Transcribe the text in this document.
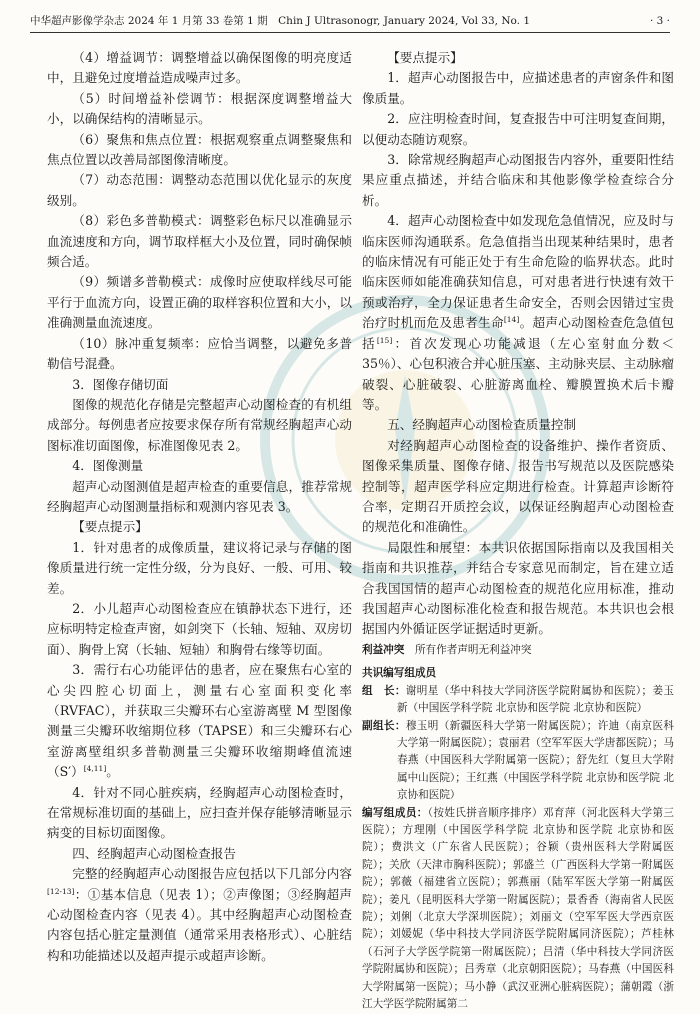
中华超声影像学杂志 2024 年 1 月第 33 卷第 1 期　Chin J Ultrasonogr, January 2024, Vol 33, No. 1	· 3 ·

（4）增益调节：调整增益以确保图像的明亮度适中，且避免过度增益造成噪声过多。

（5）时间增益补偿调节：根据深度调整增益大小，以确保结构的清晰显示。

（6）聚焦和焦点位置：根据观察重点调整聚焦和焦点位置以改善局部图像清晰度。

（7）动态范围：调整动态范围以优化显示的灰度级别。

（8）彩色多普勒模式：调整彩色标尺以准确显示血流速度和方向，调节取样框大小及位置，同时确保帧频合适。

（9）频谱多普勒模式：成像时应使取样线尽可能平行于血流方向，设置正确的取样容积位置和大小，以准确测量血流速度。

（10）脉冲重复频率：应恰当调整，以避免多普勒信号混叠。

3．图像存储切面

图像的规范化存储是完整超声心动图检查的有机组成部分。每例患者应按要求保存所有常规经胸超声心动图标准切面图像，标准图像见表 2。

4．图像测量

超声心动图测值是超声检查的重要信息，推荐常规经胸超声心动图测量指标和观测内容见表 3。

【要点提示】

1．针对患者的成像质量，建议将记录与存储的图像质量进行统一定性分级，分为良好、一般、可用、较差。

2．小儿超声心动图检查应在镇静状态下进行，还应标明特定检查声窗，如剑突下（长轴、短轴、双房切面）、胸骨上窝（长轴、短轴）和胸骨右缘等切面。

3．需行右心功能评估的患者，应在聚焦右心室的心尖四腔心切面上，测量右心室面积变化率（RVFAC），并获取三尖瓣环右心室游离壁 M 型图像测量三尖瓣环收缩期位移（TAPSE）和三尖瓣环右心室游离壁组织多普勒测量三尖瓣环收缩期峰值流速（S′）[4,11]。

4．针对不同心脏疾病，经胸超声心动图检查时，在常规标准切面的基础上，应扫查并保存能够清晰显示病变的目标切面图像。

四、经胸超声心动图检查报告

完整的经胸超声心动图报告应包括以下几部分内容[12-13]：①基本信息（见表 1）；②声像图；③经胸超声心动图检查内容（见表 4）。其中经胸超声心动图检查内容包括心脏定量测值（通常采用表格形式）、心脏结构和功能描述以及超声提示或超声诊断。

【要点提示】

1．超声心动图报告中，应描述患者的声窗条件和图像质量。

2．应注明检查时间，复查报告中可注明复查间期，以便动态随访观察。

3．除常规经胸超声心动图报告内容外，重要阳性结果应重点描述，并结合临床和其他影像学检查综合分析。

4．超声心动图检查中如发现危急值情况，应及时与临床医师沟通联系。危急值指当出现某种结果时，患者的临床情况有可能正处于有生命危险的临界状态。此时临床医师如能准确获知信息，可对患者进行快速有效干预或治疗，全力保证患者生命安全，否则会因错过宝贵治疗时机而危及患者生命[14]。超声心动图检查危急值包括[15]：首次发现心功能减退（左心室射血分数＜35％）、心包积液合并心脏压塞、主动脉夹层、主动脉瘤破裂、心脏破裂、心脏游离血栓、瓣膜置换术后卡瓣等。

五、经胸超声心动图检查质量控制

对经胸超声心动图检查的设备维护、操作者资质、图像采集质量、图像存储、报告书写规范以及医院感染控制等，超声医学科应定期进行检查。计算超声诊断符合率，定期召开质控会议，以保证经胸超声心动图检查的规范化和准确性。

局限性和展望：本共识依据国际指南以及我国相关指南和共识推荐，并结合专家意见而制定，旨在建立适合我国国情的超声心动图检查的规范化应用标准，推动我国超声心动图标准化检查和报告规范。本共识也会根据国内外循证医学证据适时更新。

利益冲突　 所有作者声明无利益冲突

共识编写组成员

组　长：谢明星（华中科技大学同济医学院附属协和医院）；姜玉新（中国医学科学院 北京协和医学院 北京协和医院）

副组长：穆玉明（新疆医科大学第一附属医院）；许迪（南京医科大学第一附属医院）；袁丽君（空军军医大学唐都医院）；马春燕（中国医科大学附属第一医院）；舒先红（复旦大学附属中山医院）；王红燕（中国医学科学院 北京协和医学院 北京协和医院）

编写组成员：（按姓氏拼音顺序排序）邓育萍（河北医科大学第三医院）；方理刚（中国医学科学院 北京协和医学院 北京协和医院）；费洪文（广东省人民医院）；谷颖（贵州医科大学附属医院）；关欣（天津市胸科医院）；郭盛兰（广西医科大学第一附属医院）；郭薇（福建省立医院）；郭燕丽（陆军军医大学第一附属医院）；姜凡（昆明医科大学第一附属医院）；景香香（海南省人民医院）；刘俐（北京大学深圳医院）；刘丽文（空军军医大学西京医院）；刘媛妮（华中科技大学同济医学院附属同济医院）；芦桂林（石河子大学医学院第一附属医院）；吕清（华中科技大学同济医学院附属协和医院）；吕秀章（北京朝阳医院）；马春燕（中国医科大学附属第一医院）；马小静（武汉亚洲心脏病医院）；蒲朝霞（浙江大学医学院附属第二
